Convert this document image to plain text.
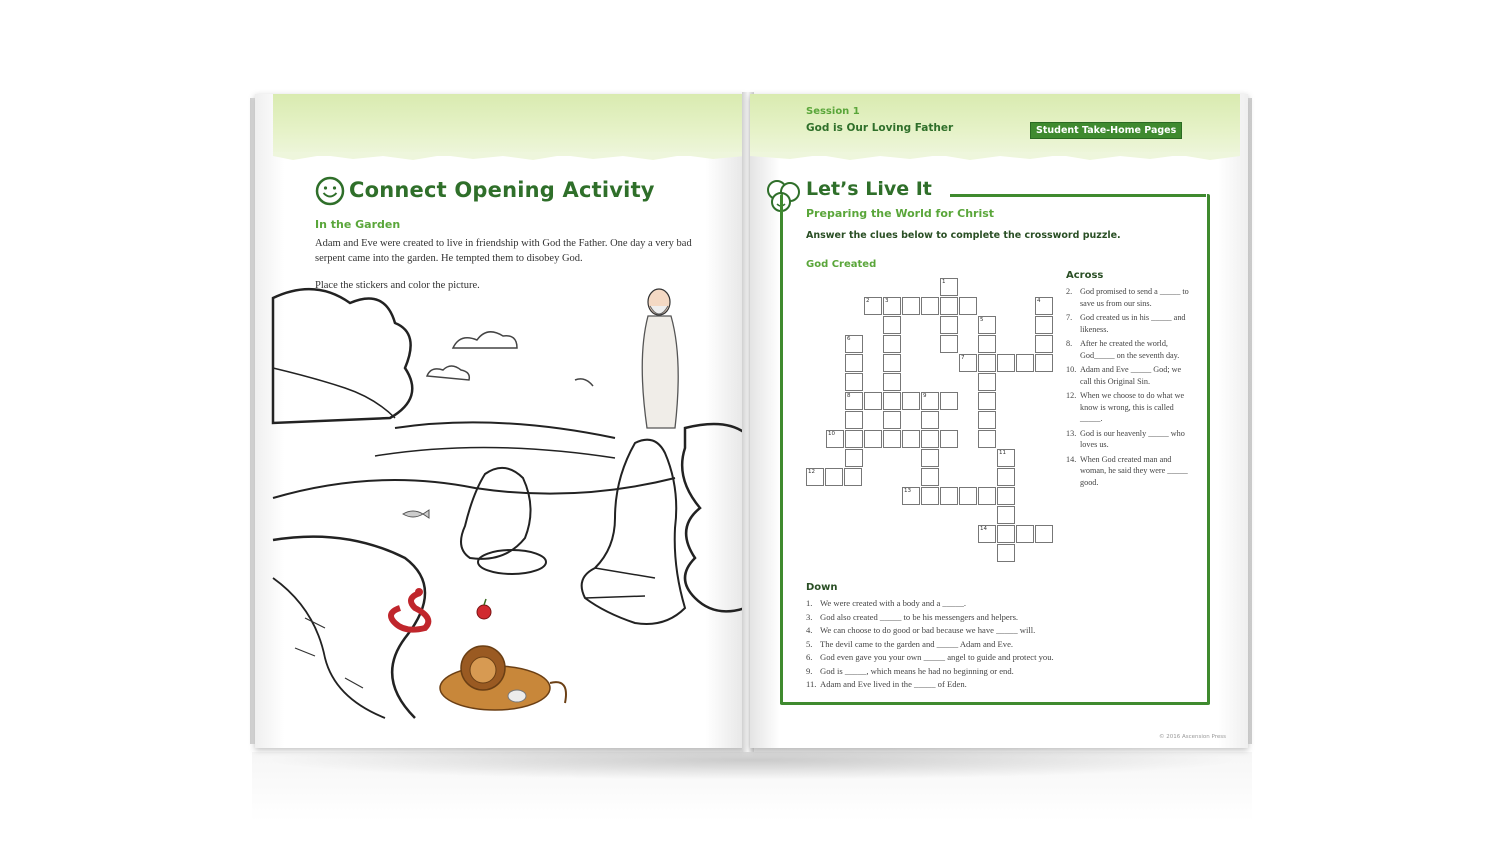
Connect Opening Activity
In the Garden
Adam and Eve were created to live in friendship with God the Father. One day a very bad serpent came into the garden. He tempted them to disobey God.
Place the stickers and color the picture.
Session 1
God is Our Loving Father	Student Take-Home Pages
Let’s Live It
Preparing the World for Christ
Answer the clues below to complete the crossword puzzle.
God Created
1
2	3	4
5
6
7
8	9
10
11
12
13
14
Across
2. God promised to send a _____ to save us from our sins.
7. God created us in his _____ and likeness.
8. After he created the world, God_____ on the seventh day.
10. Adam and Eve _____ God; we call this Original Sin.
12. When we choose to do what we know is wrong, this is called _____.
13. God is our heavenly _____ who loves us.
14. When God created man and woman, he said they were _____ good.
Down
1. We were created with a body and a _____.
3. God also created _____ to be his messengers and helpers.
4. We can choose to do good or bad because we have _____ will.
5. The devil came to the garden and _____ Adam and Eve.
6. God even gave you your own _____ angel to guide and protect you.
9. God is _____, which means he had no beginning or end.
11. Adam and Eve lived in the _____ of Eden.
© 2016 Ascension Press
